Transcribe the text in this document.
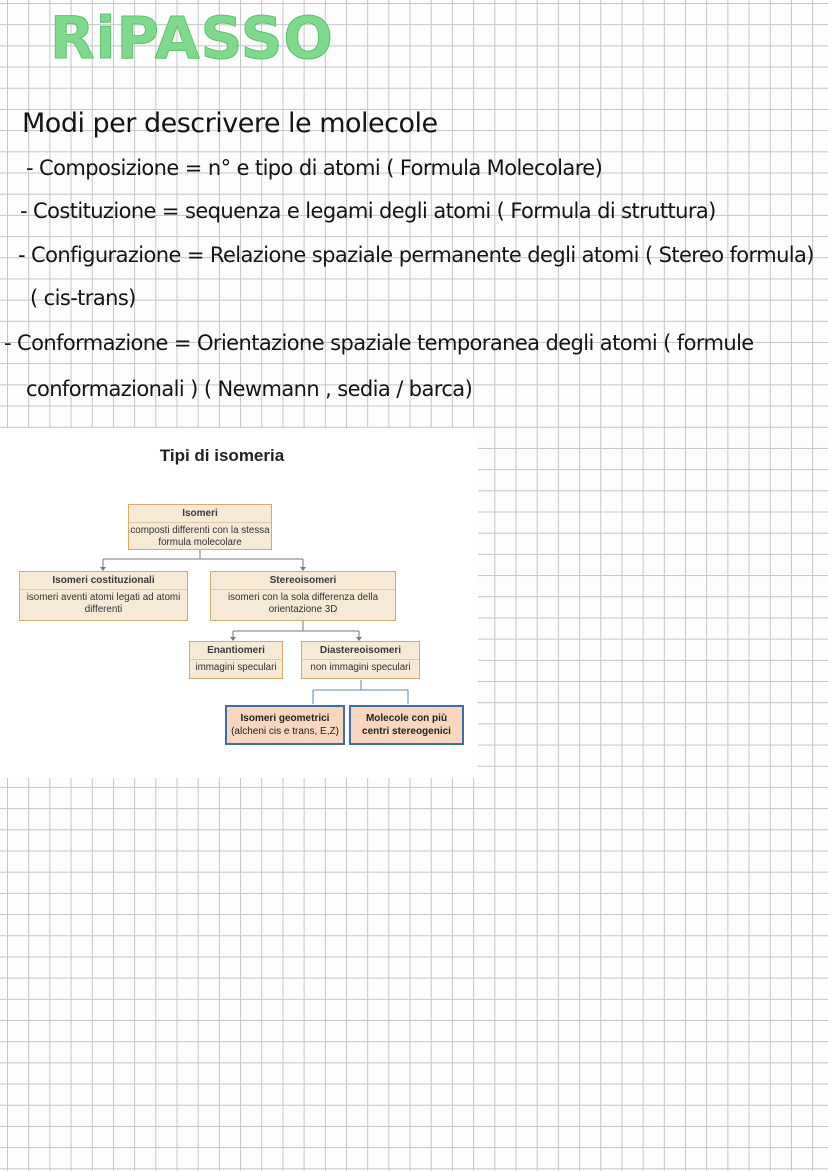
RiPASSO
Modi per descrivere le molecole
- Composizione = n° e tipo di atomi ( Formula Molecolare)
- Costituzione = sequenza e legami degli atomi ( Formula di struttura)
- Configurazione = Relazione spaziale permanente degli atomi ( Stereo formula)
( cis-trans)
- Conformazione = Orientazione spaziale temporanea degli atomi ( formule
conformazionali ) ( Newmann , sedia / barca)
Tipi di isomeria
Isomeri
composti differenti con la stessa formula molecolare
Isomeri costituzionali
isomeri aventi atomi legati ad atomi differenti
Stereoisomeri
isomeri con la sola differenza della orientazione 3D
Enantiomeri
immagini speculari
Diastereoisomeri
non immagini speculari
Isomeri geometrici
(alcheni cis e trans, E,Z)
Molecole con più
centri stereogenici
